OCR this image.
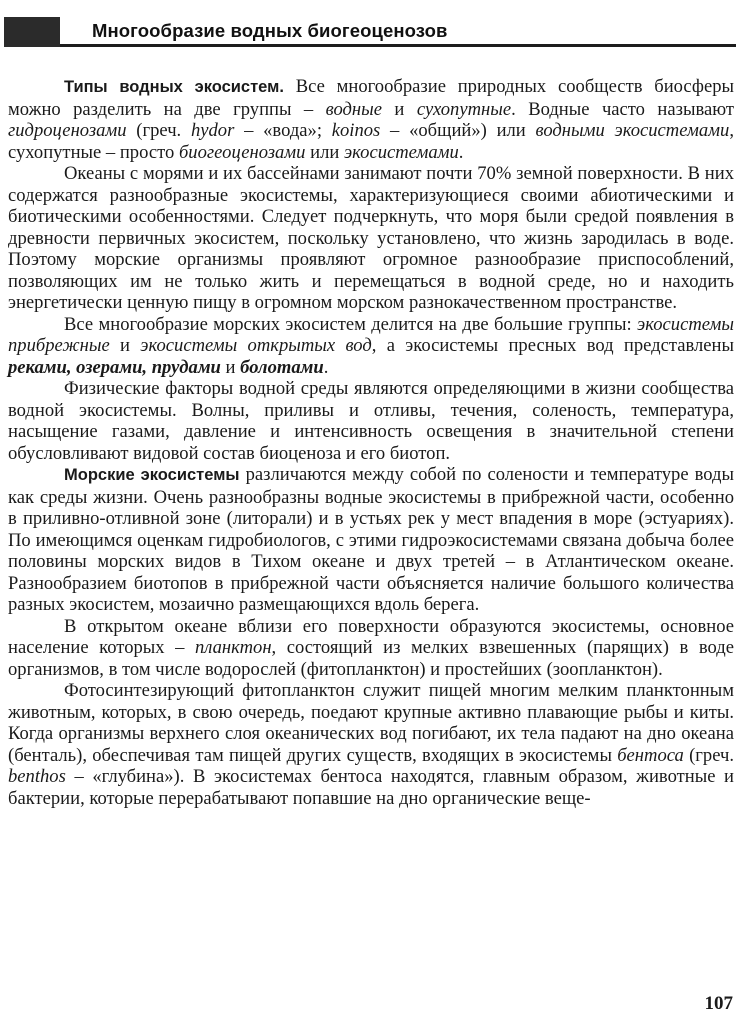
Многообразие водных биогеоценозов

Типы водных экосистем. Все многообразие природных сообществ биосферы можно разделить на две группы – водные и сухопутные. Водные часто называют гидроценозами (греч. hydor – «вода»; koinos – «общий») или водными экосистемами, сухопутные – просто биогеоценозами или экосистемами.

Океаны с морями и их бассейнами занимают почти 70% земной поверхности. В них содержатся разнообразные экосистемы, характеризующиеся своими абиотическими и биотическими особенностями. Следует подчеркнуть, что моря были средой появления в древности первичных экосистем, поскольку установлено, что жизнь зародилась в воде. Поэтому морские организмы проявляют огромное разнообразие приспособлений, позволяющих им не только жить и перемещаться в водной среде, но и находить энергетически ценную пищу в огромном морском разнокачественном пространстве.

Все многообразие морских экосистем делится на две большие группы: экосистемы прибрежные и экосистемы открытых вод, а экосистемы пресных вод представлены реками, озерами, прудами и болотами.

Физические факторы водной среды являются определяющими в жизни сообщества водной экосистемы. Волны, приливы и отливы, течения, соленость, температура, насыщение газами, давление и интенсивность освещения в значительной степени обусловливают видовой состав биоценоза и его биотоп.

Морские экосистемы различаются между собой по солености и температуре воды как среды жизни. Очень разнообразны водные экосистемы в прибрежной части, особенно в приливно-отливной зоне (литорали) и в устьях рек у мест впадения в море (эстуариях). По имеющимся оценкам гидробиологов, с этими гидроэкосистемами связана добыча более половины морских видов в Тихом океане и двух третей – в Атлантическом океане. Разнообразием биотопов в прибрежной части объясняется наличие большого количества разных экосистем, мозаично размещающихся вдоль берега.

В открытом океане вблизи его поверхности образуются экосистемы, основное население которых – планктон, состоящий из мелких взвешенных (парящих) в воде организмов, в том числе водорослей (фитопланктон) и простейших (зоопланктон).

Фотосинтезирующий фитопланктон служит пищей многим мелким планктонным животным, которых, в свою очередь, поедают крупные активно плавающие рыбы и киты. Когда организмы верхнего слоя океанических вод погибают, их тела падают на дно океана (бенталь), обеспечивая там пищей других существ, входящих в экосистемы бентоса (греч. benthos – «глубина»). В экосистемах бентоса находятся, главным образом, животные и бактерии, которые перерабатывают попавшие на дно органические веще-

107
